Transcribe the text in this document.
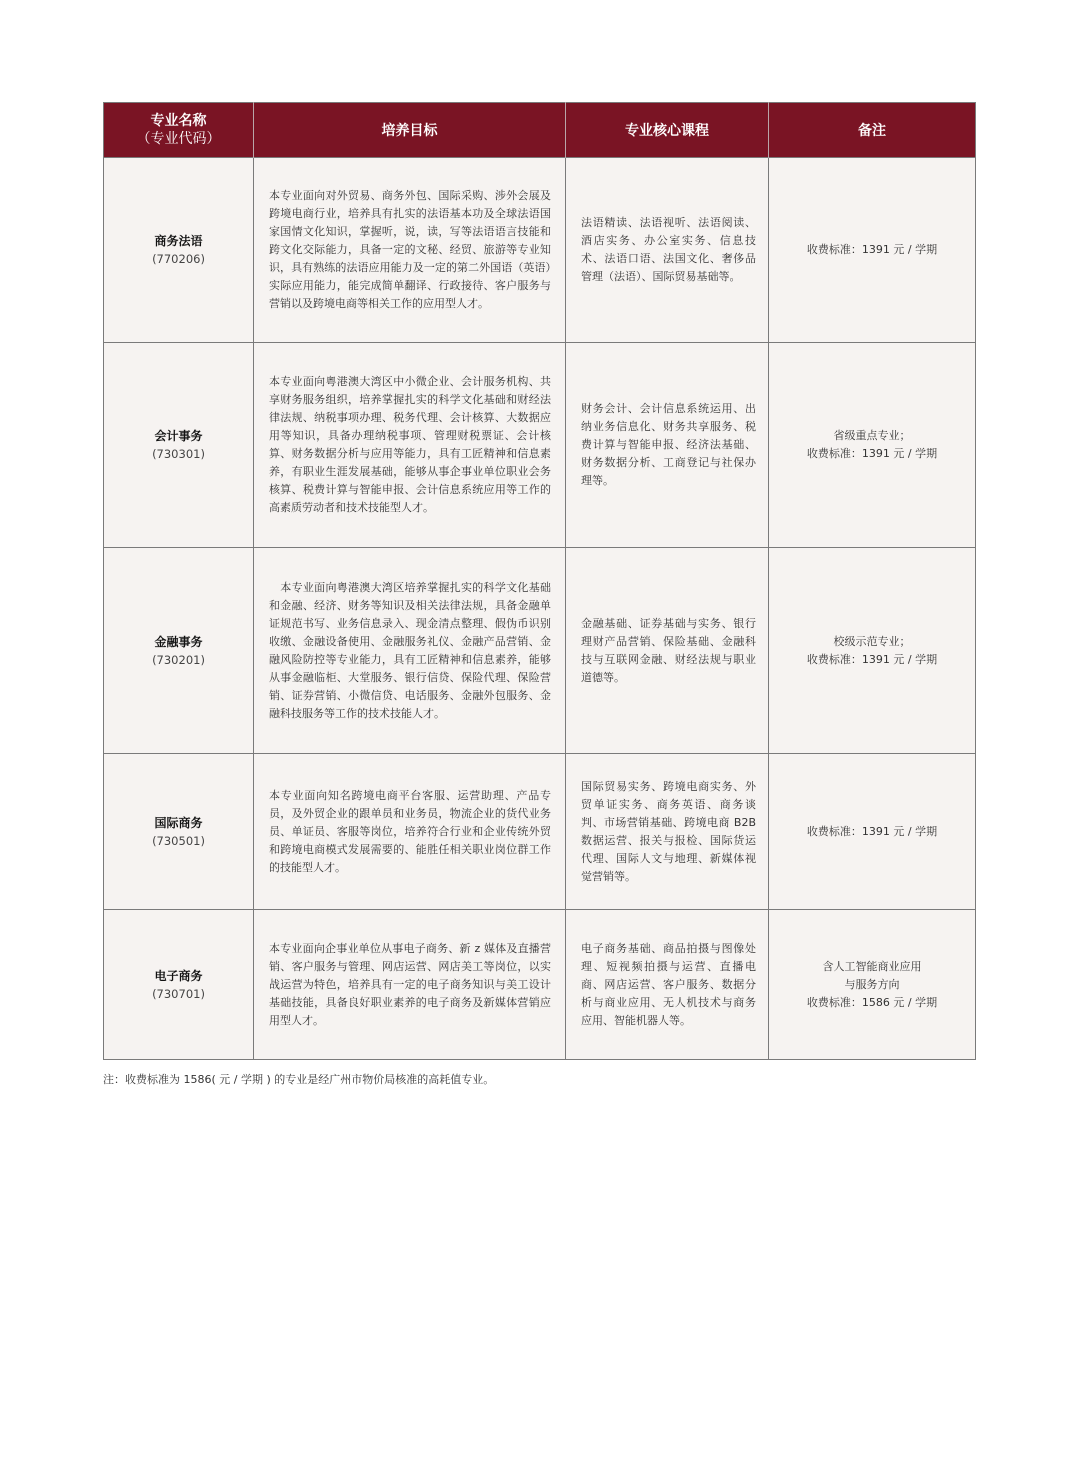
专业名称
（专业代码）	培养目标	专业核心课程	备注

商务法语
(770206)	本专业面向对外贸易、商务外包、国际采购、涉外会展及跨境电商行业，培养具有扎实的法语基本功及全球法语国家国情文化知识，掌握听，说，读，写等法语语言技能和跨文化交际能力，具备一定的文秘、经贸、旅游等专业知识，具有熟练的法语应用能力及一定的第二外国语（英语）实际应用能力，能完成简单翻译、行政接待、客户服务与营销以及跨境电商等相关工作的应用型人才。	法语精读、法语视听、法语阅读、酒店实务、办公室实务、信息技术、法语口语、法国文化、奢侈品管理（法语）、国际贸易基础等。	收费标准：1391 元 / 学期

会计事务
(730301)	本专业面向粤港澳大湾区中小微企业、会计服务机构、共享财务服务组织，培养掌握扎实的科学文化基础和财经法律法规、纳税事项办理、税务代理、会计核算、大数据应用等知识，具备办理纳税事项、管理财税票证、会计核算、财务数据分析与应用等能力，具有工匠精神和信息素养，有职业生涯发展基础，能够从事企事业单位职业会务核算、税费计算与智能申报、会计信息系统应用等工作的高素质劳动者和技术技能型人才。	财务会计、会计信息系统运用、出纳业务信息化、财务共享服务、税费计算与智能申报、经济法基础、财务数据分析、工商登记与社保办理等。	省级重点专业；
收费标准：1391 元 / 学期

金融事务
(730201)	　本专业面向粤港澳大湾区培养掌握扎实的科学文化基础和金融、经济、财务等知识及相关法律法规，具备金融单证规范书写、业务信息录入、现金清点整理、假伪币识别收缴、金融设备使用、金融服务礼仪、金融产品营销、金融风险防控等专业能力，具有工匠精神和信息素养，能够从事金融临柜、大堂服务、银行信贷、保险代理、保险营销、证券营销、小微信贷、电话服务、金融外包服务、金融科技服务等工作的技术技能人才。	金融基础、证券基础与实务、银行理财产品营销、保险基础、金融科技与互联网金融、财经法规与职业道德等。	校级示范专业；
收费标准：1391 元 / 学期

国际商务
(730501)	本专业面向知名跨境电商平台客服、运营助理、产品专员，及外贸企业的跟单员和业务员，物流企业的货代业务员、单证员、客服等岗位，培养符合行业和企业传统外贸和跨境电商模式发展需要的、能胜任相关职业岗位群工作的技能型人才。	国际贸易实务、跨境电商实务、外贸单证实务、商务英语、商务谈判、市场营销基础、跨境电商 B2B 数据运营、报关与报检、国际货运代理、国际人文与地理、新媒体视觉营销等。	收费标准：1391 元 / 学期

电子商务
(730701)	本专业面向企事业单位从事电子商务、新 z 媒体及直播营销、客户服务与管理、网店运营、网店美工等岗位，以实战运营为特色，培养具有一定的电子商务知识与美工设计基础技能，具备良好职业素养的电子商务及新媒体营销应用型人才。	电子商务基础、商品拍摄与图像处理、短视频拍摄与运营、直播电商、网店运营、客户服务、数据分析与商业应用、无人机技术与商务应用、智能机器人等。	含人工智能商业应用
与服务方向
收费标准：1586 元 / 学期
注：收费标准为 1586( 元 / 学期 ) 的专业是经广州市物价局核准的高耗值专业。
